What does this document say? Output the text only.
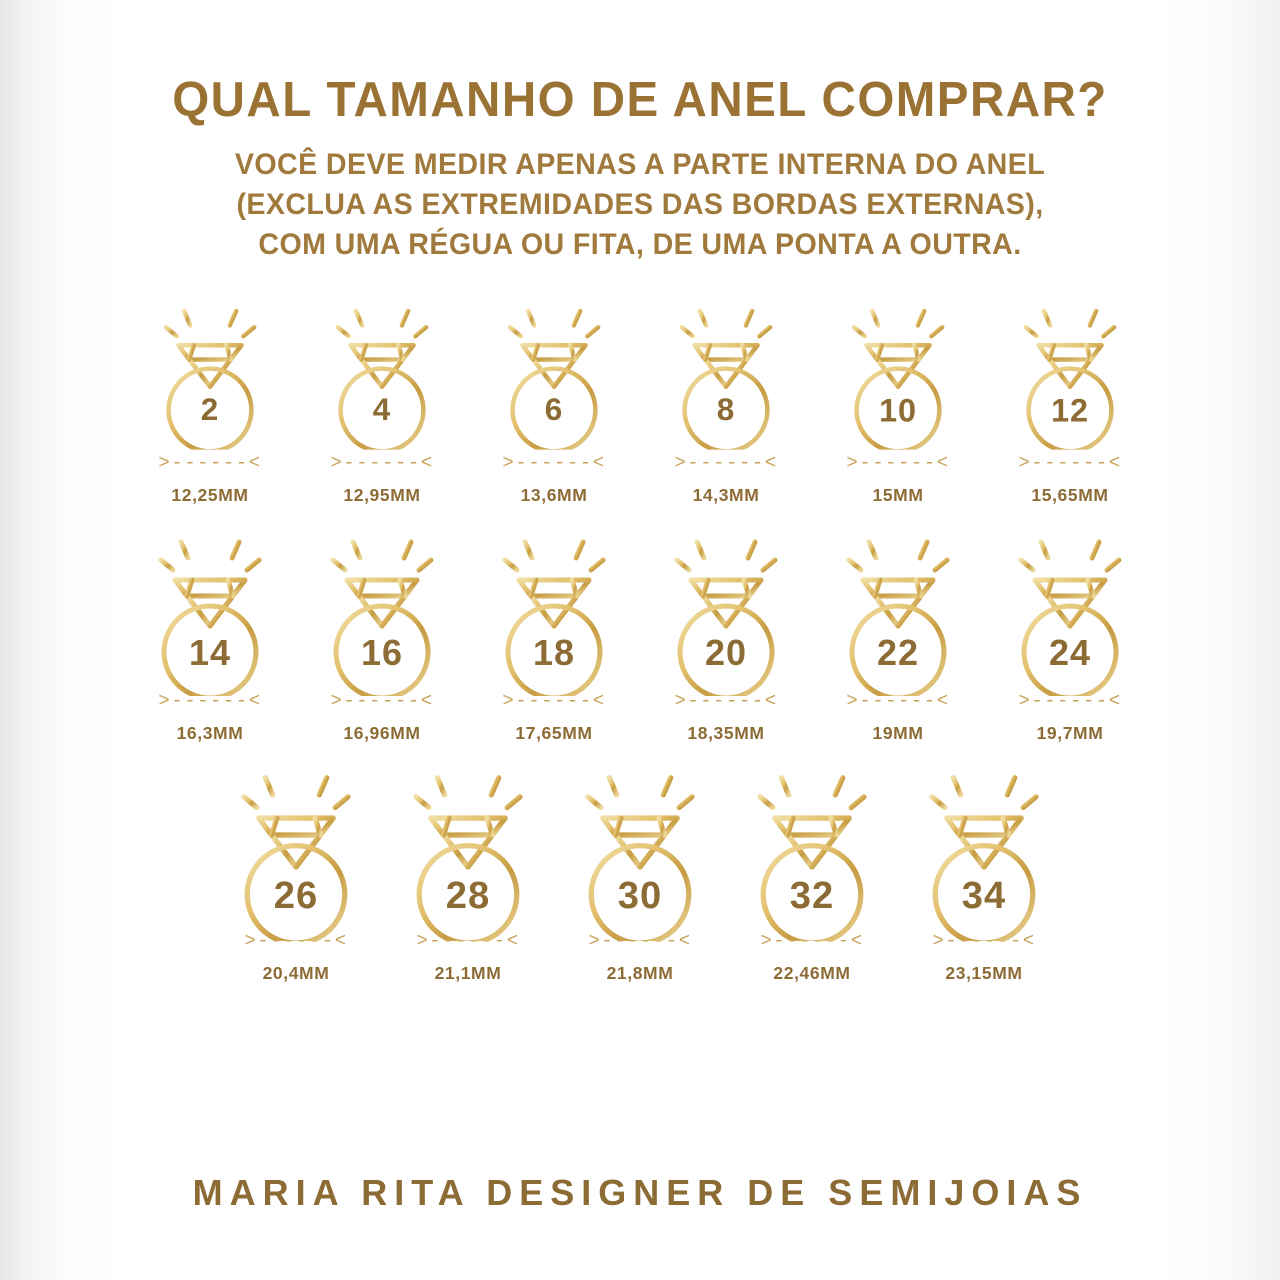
QUAL TAMANHO DE ANEL COMPRAR?
VOCÊ DEVE MEDIR APENAS A PARTE INTERNA DO ANEL
(EXCLUA AS EXTREMIDADES DAS BORDAS EXTERNAS),
COM UMA RÉGUA OU FITA, DE UMA PONTA A OUTRA.
2
>------<
12,25MM
4
>------<
12,95MM
6
>------<
13,6MM
8
>------<
14,3MM
10
>------<
15MM
12
>------<
15,65MM
14
>------<
16,3MM
16
>------<
16,96MM
18
>------<
17,65MM
20
>------<
18,35MM
22
>------<
19MM
24
>------<
19,7MM
26
>------<
20,4MM
28
>------<
21,1MM
30
>------<
21,8MM
32
>------<
22,46MM
34
>------<
23,15MM
MARIA RITA DESIGNER DE SEMIJOIAS
